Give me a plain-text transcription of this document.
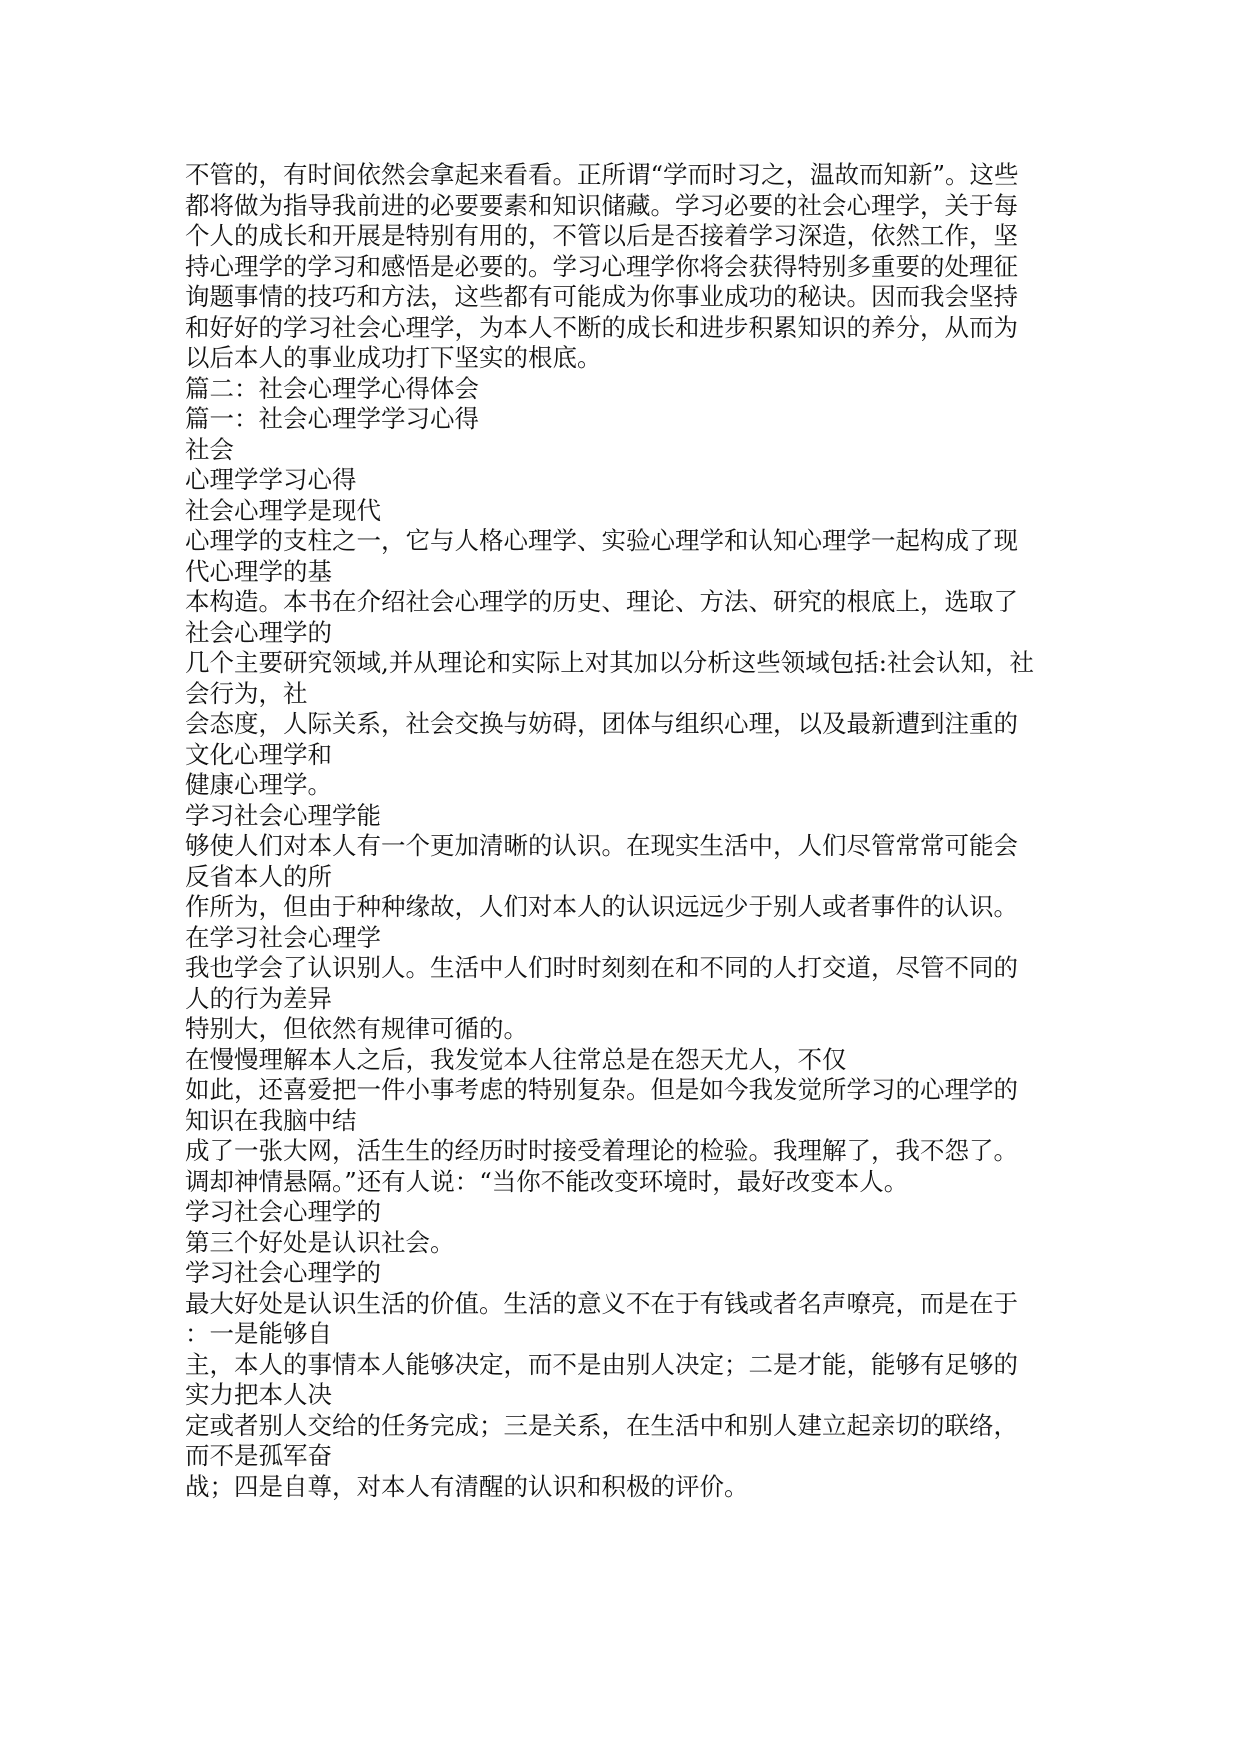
不管的，有时间依然会拿起来看看。正所谓“学而时习之，温故而知新”。这些
都将做为指导我前进的必要要素和知识储藏。学习必要的社会心理学，关于每
个人的成长和开展是特别有用的，不管以后是否接着学习深造，依然工作，坚
持心理学的学习和感悟是必要的。学习心理学你将会获得特别多重要的处理征
询题事情的技巧和方法，这些都有可能成为你事业成功的秘诀。因而我会坚持
和好好的学习社会心理学，为本人不断的成长和进步积累知识的养分，从而为
以后本人的事业成功打下坚实的根底。
篇二：社会心理学心得体会
篇一：社会心理学学习心得
社会
心理学学习心得
社会心理学是现代
心理学的支柱之一，它与人格心理学、实验心理学和认知心理学一起构成了现
代心理学的基
本构造。本书在介绍社会心理学的历史、理论、方法、研究的根底上，选取了
社会心理学的
几个主要研究领域,并从理论和实际上对其加以分析这些领域包括:社会认知，社
会行为，社
会态度，人际关系，社会交换与妨碍，团体与组织心理，以及最新遭到注重的
文化心理学和
健康心理学。
学习社会心理学能
够使人们对本人有一个更加清晰的认识。在现实生活中，人们尽管常常可能会
反省本人的所
作所为，但由于种种缘故，人们对本人的认识远远少于别人或者事件的认识。
在学习社会心理学
我也学会了认识别人。生活中人们时时刻刻在和不同的人打交道，尽管不同的
人的行为差异
特别大，但依然有规律可循的。
在慢慢理解本人之后，我发觉本人往常总是在怨天尤人，不仅
如此，还喜爱把一件小事考虑的特别复杂。但是如今我发觉所学习的心理学的
知识在我脑中结
成了一张大网，活生生的经历时时接受着理论的检验。我理解了，我不怨了。
调却神情悬隔。”还有人说：“当你不能改变环境时，最好改变本人。
学习社会心理学的
第三个好处是认识社会。
学习社会心理学的
最大好处是认识生活的价值。生活的意义不在于有钱或者名声嘹亮，而是在于
：一是能够自
主，本人的事情本人能够决定，而不是由别人决定；二是才能，能够有足够的
实力把本人决
定或者别人交给的任务完成；三是关系，在生活中和别人建立起亲切的联络，
而不是孤军奋
战；四是自尊，对本人有清醒的认识和积极的评价。
